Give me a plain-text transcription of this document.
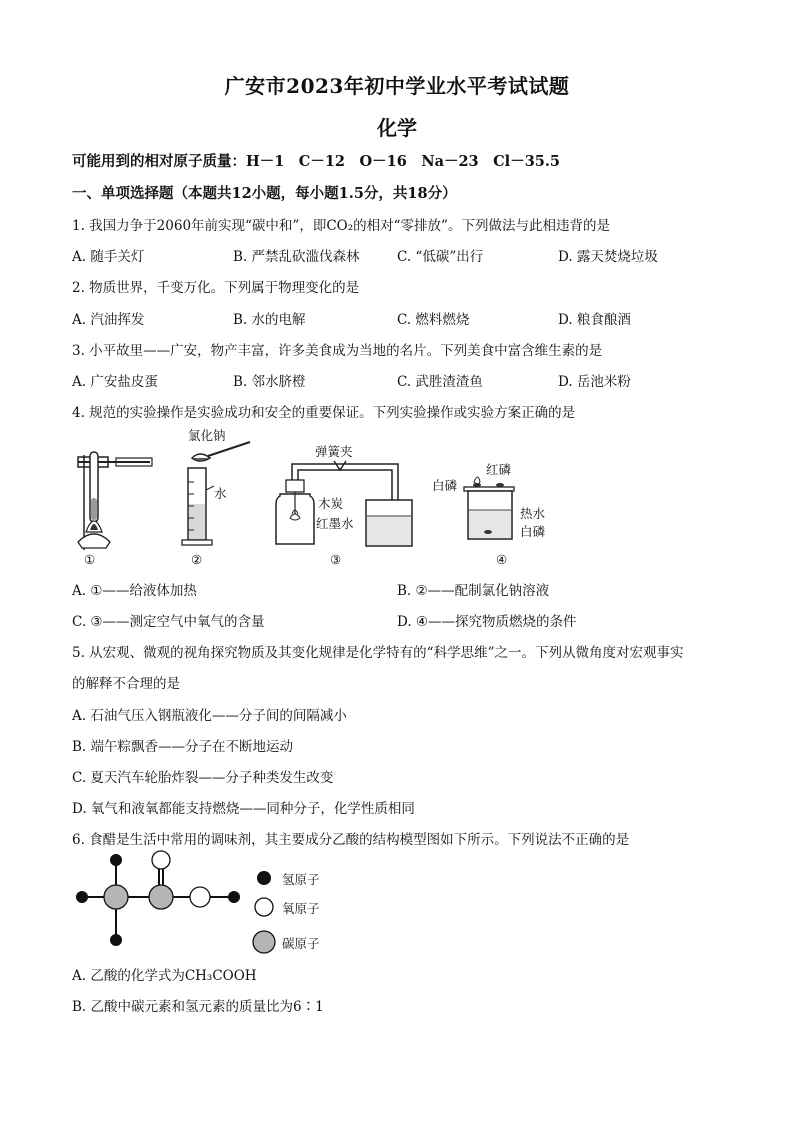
广安市2023年初中学业水平考试试题
化学
可能用到的相对原子质量：H－1　C－12　O－16　Na－23　Cl－35.5
一、单项选择题（本题共12小题，每小题1.5分，共18分）
1. 我国力争于2060年前实现“碳中和”，即CO₂的相对“零排放”。下列做法与此相违背的是
A. 随手关灯	B. 严禁乱砍滥伐森林	C. “低碳”出行	D. 露天焚烧垃圾
2. 物质世界，千变万化。下列属于物理变化的是
A. 汽油挥发	B. 水的电解	C. 燃料燃烧	D. 粮食酿酒
3. 小平故里——广安，物产丰富，许多美食成为当地的名片。下列美食中富含维生素的是
A. 广安盐皮蛋	B. 邻水脐橙	C. 武胜渣渣鱼	D. 岳池米粉
4. 规范的实验操作是实验成功和安全的重要保证。下列实验操作或实验方案正确的是
①
氯化钠
水
②
弹簧夹
木炭
红墨水
③
红磷
白磷
热水
白磷
④
A. ①——给液体加热	B. ②——配制氯化钠溶液
C. ③——测定空气中氧气的含量	D. ④——探究物质燃烧的条件
5. 从宏观、微观的视角探究物质及其变化规律是化学特有的“科学思维”之一。下列从微角度对宏观事实
的解释不合理的是
A. 石油气压入钢瓶液化——分子间的间隔减小
B. 端午粽飘香——分子在不断地运动
C. 夏天汽车轮胎炸裂——分子种类发生改变
D. 氧气和液氧都能支持燃烧——同种分子，化学性质相同
6. 食醋是生活中常用的调味剂，其主要成分乙酸的结构模型图如下所示。下列说法不正确的是
氢原子
氧原子
碳原子
A. 乙酸的化学式为CH₃COOH
B. 乙酸中碳元素和氢元素的质量比为6∶1
